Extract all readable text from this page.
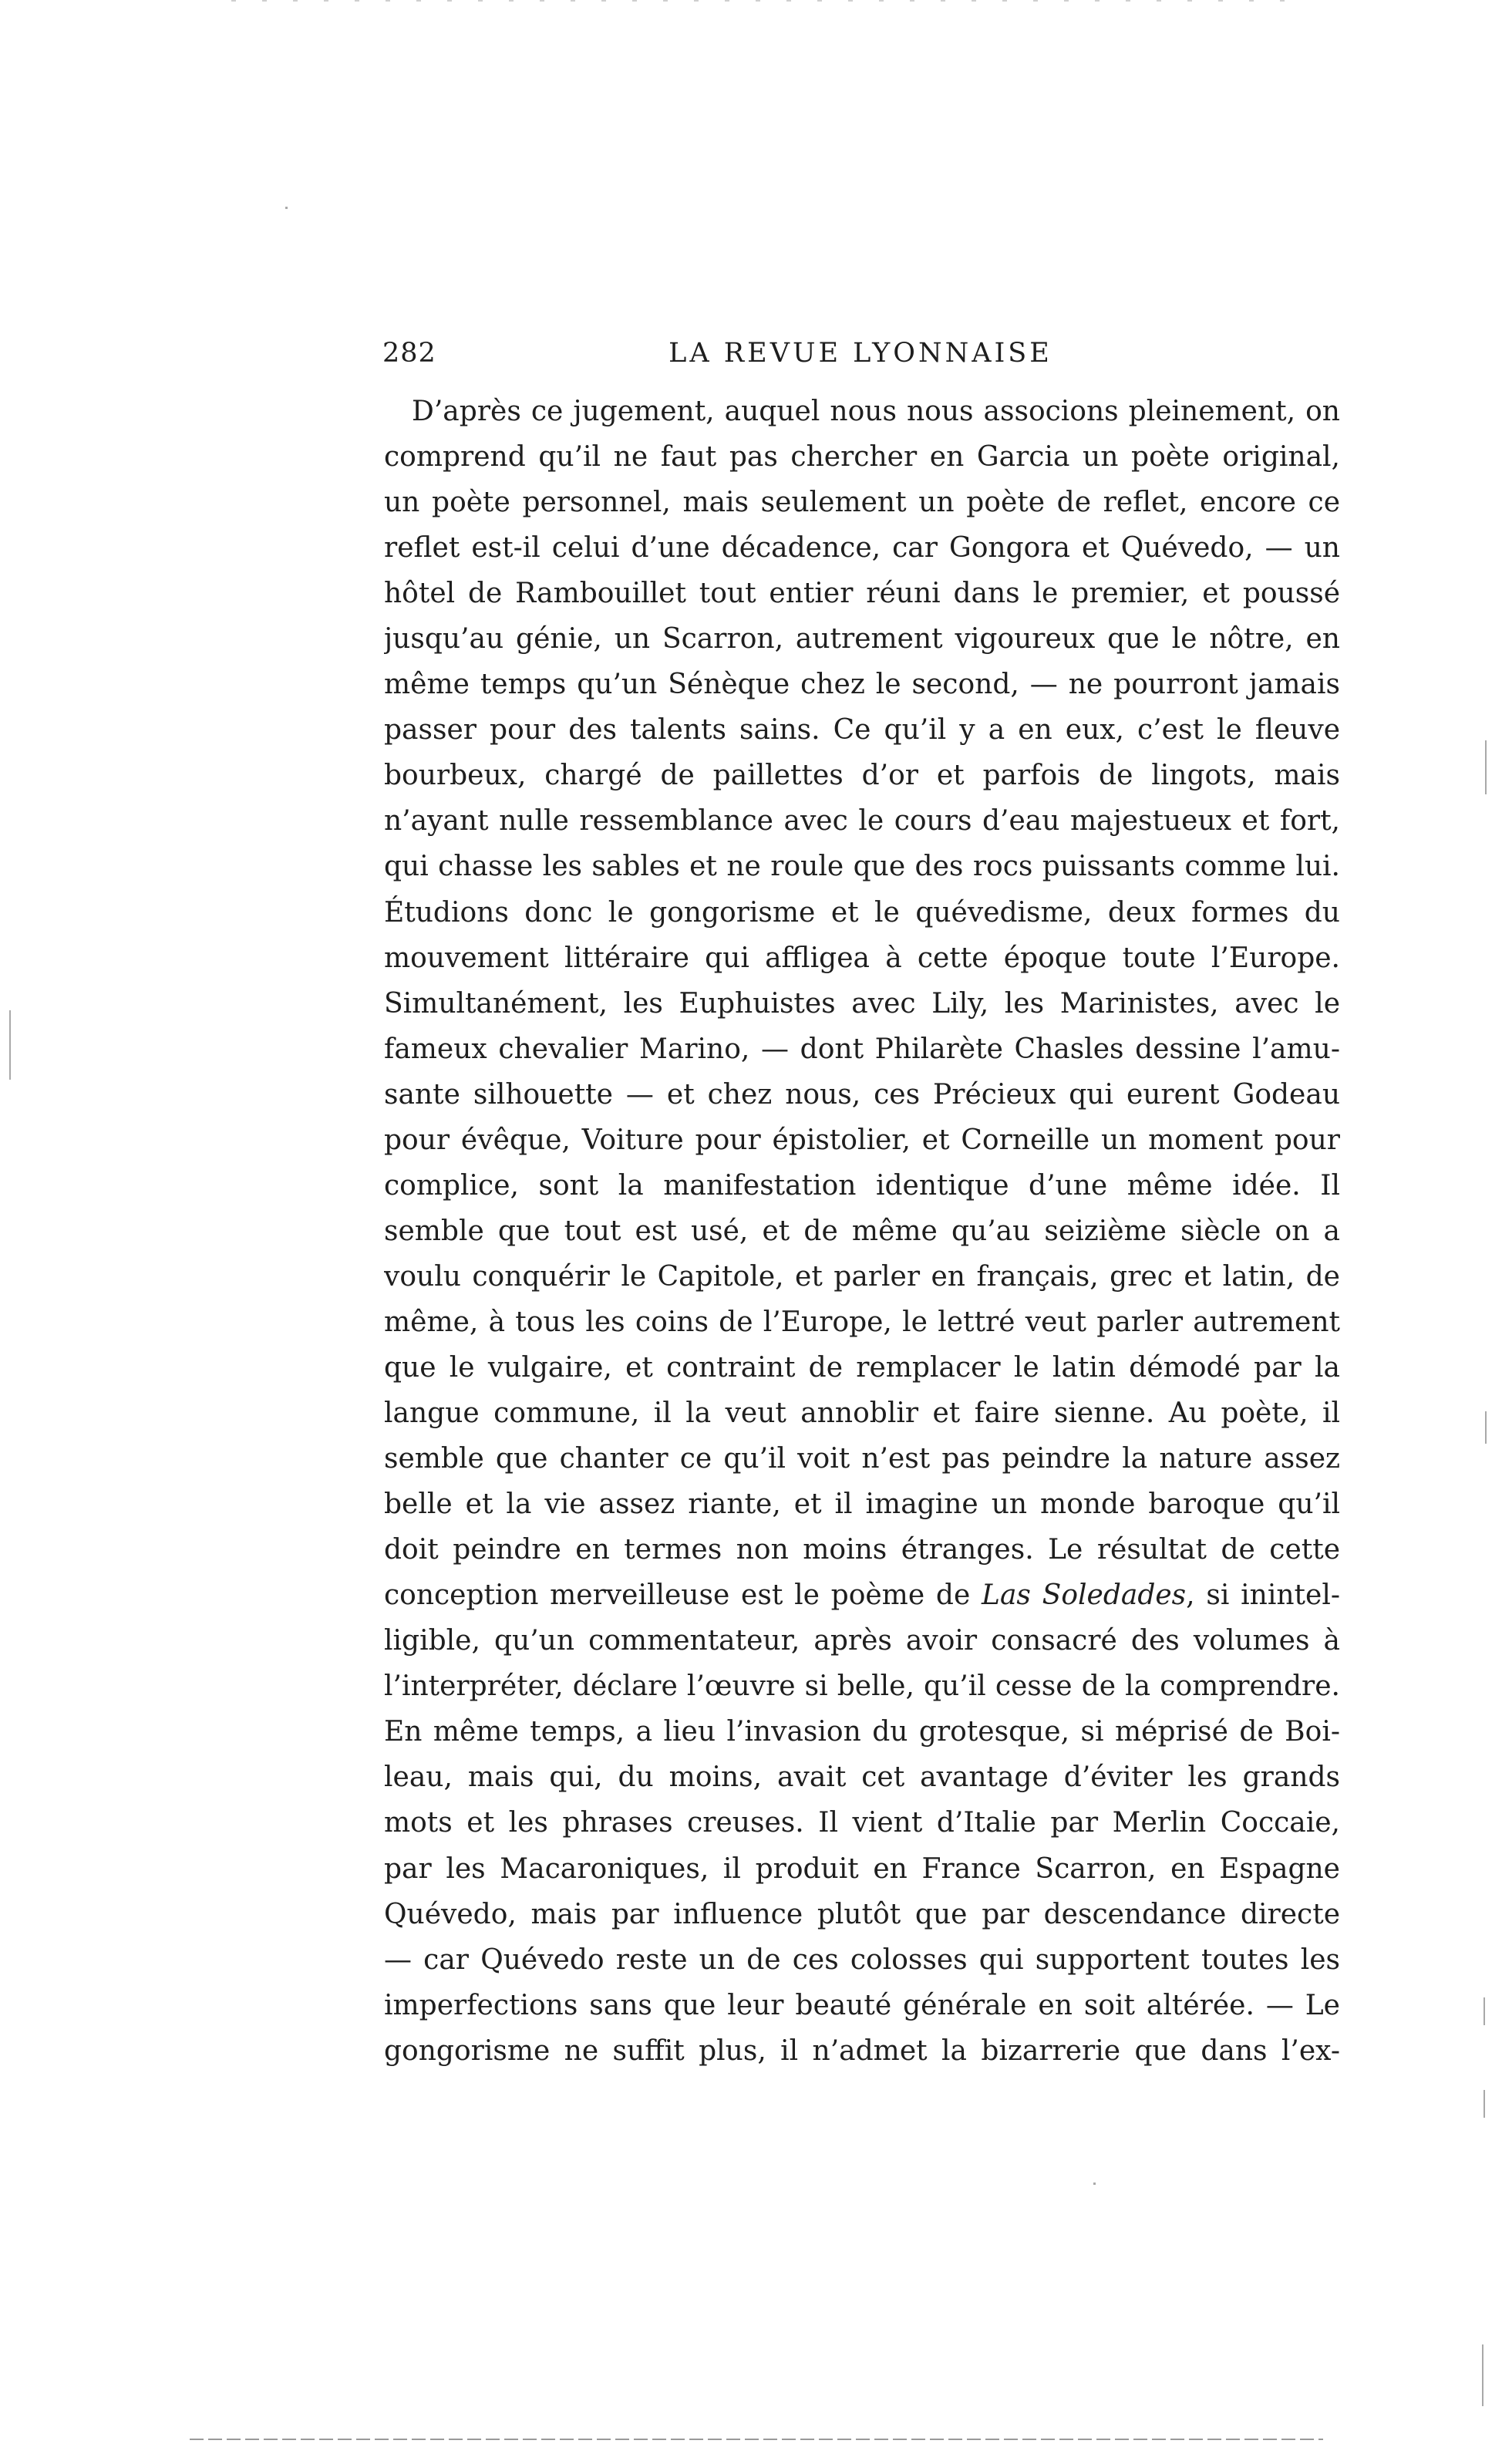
282	LA REVUE LYONNAISE
D’après ce jugement, auquel nous nous associons pleinement, on
comprend qu’il ne faut pas chercher en Garcia un poète original,
un poète personnel, mais seulement un poète de reflet, encore ce
reflet est-il celui d’une décadence, car Gongora et Quévedo, — un
hôtel de Rambouillet tout entier réuni dans le premier, et poussé
jusqu’au génie, un Scarron, autrement vigoureux que le nôtre, en
même temps qu’un Sénèque chez le second, — ne pourront jamais
passer pour des talents sains. Ce qu’il y a en eux, c’est le fleuve
bourbeux, chargé de paillettes d’or et parfois de lingots, mais
n’ayant nulle ressemblance avec le cours d’eau majestueux et fort,
qui chasse les sables et ne roule que des rocs puissants comme lui.
Étudions donc le gongorisme et le quévedisme, deux formes du
mouvement littéraire qui affligea à cette époque toute l’Europe.
Simultanément, les Euphuistes avec Lily, les Marinistes, avec le
fameux chevalier Marino, — dont Philarète Chasles dessine l’amu-
sante silhouette — et chez nous, ces Précieux qui eurent Godeau
pour évêque, Voiture pour épistolier, et Corneille un moment pour
complice, sont la manifestation identique d’une même idée. Il
semble que tout est usé, et de même qu’au seizième siècle on a
voulu conquérir le Capitole, et parler en français, grec et latin, de
même, à tous les coins de l’Europe, le lettré veut parler autrement
que le vulgaire, et contraint de remplacer le latin démodé par la
langue commune, il la veut annoblir et faire sienne. Au poète, il
semble que chanter ce qu’il voit n’est pas peindre la nature assez
belle et la vie assez riante, et il imagine un monde baroque qu’il
doit peindre en termes non moins étranges. Le résultat de cette
conception merveilleuse est le poème de Las Soledades, si inintel-
ligible, qu’un commentateur, après avoir consacré des volumes à
l’interpréter, déclare l’œuvre si belle, qu’il cesse de la comprendre.
En même temps, a lieu l’invasion du grotesque, si méprisé de Boi-
leau, mais qui, du moins, avait cet avantage d’éviter les grands
mots et les phrases creuses. Il vient d’Italie par Merlin Coccaie,
par les Macaroniques, il produit en France Scarron, en Espagne
Quévedo, mais par influence plutôt que par descendance directe
— car Quévedo reste un de ces colosses qui supportent toutes les
imperfections sans que leur beauté générale en soit altérée. — Le
gongorisme ne suffit plus, il n’admet la bizarrerie que dans l’ex-
